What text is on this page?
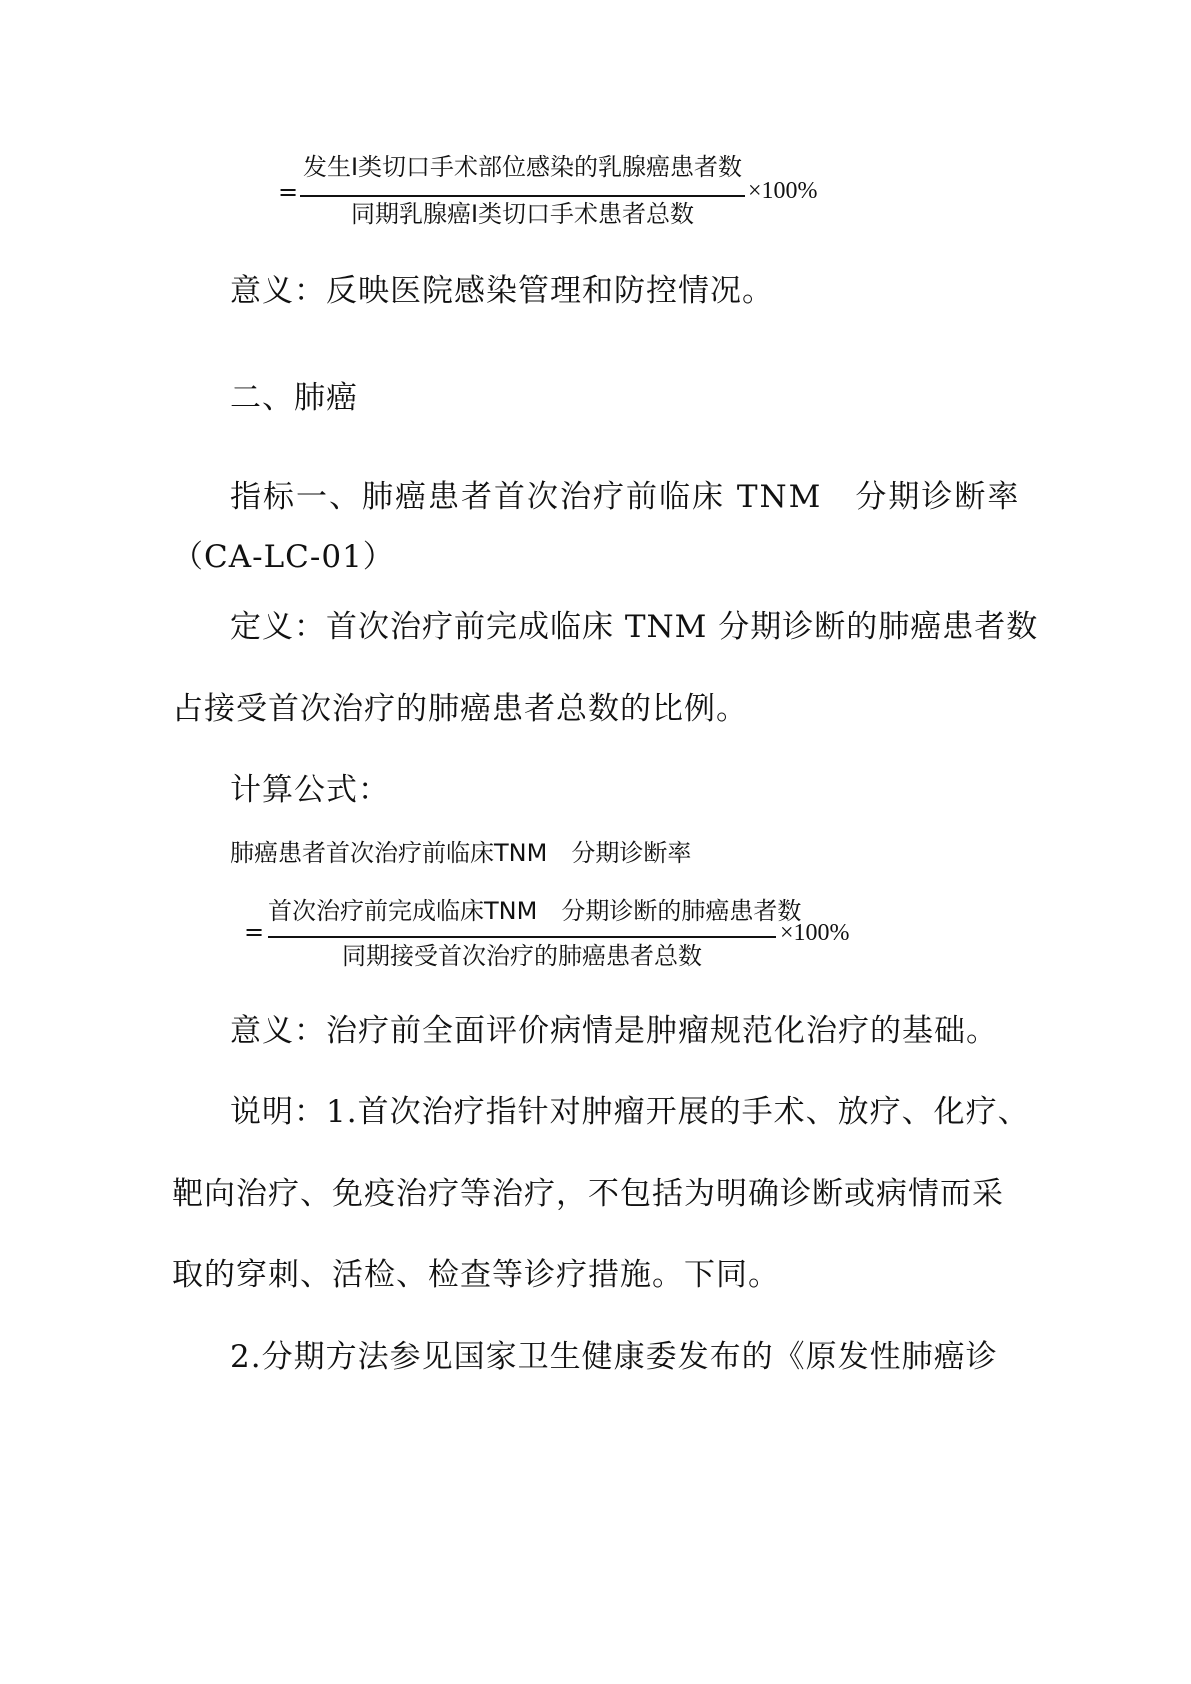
=
发生Ⅰ类切口手术部位感染的乳腺癌患者数
同期乳腺癌Ⅰ类切口手术患者总数
×100%

意义：反映医院感染管理和防控情况。

二、肺癌

指标一、肺癌患者首次治疗前临床 TNM　分期诊断率

（CA-LC-01）

定义：首次治疗前完成临床 TNM 分期诊断的肺癌患者数

占接受首次治疗的肺癌患者总数的比例。

计算公式：

肺癌患者首次治疗前临床TNM　分期诊断率
=
首次治疗前完成临床TNM　分期诊断的肺癌患者数
同期接受首次治疗的肺癌患者总数
×100%

意义：治疗前全面评价病情是肿瘤规范化治疗的基础。

说明：1.首次治疗指针对肿瘤开展的手术、放疗、化疗、

靶向治疗、免疫治疗等治疗，不包括为明确诊断或病情而采

取的穿刺、活检、检查等诊疗措施。下同。

2.分期方法参见国家卫生健康委发布的《原发性肺癌诊
